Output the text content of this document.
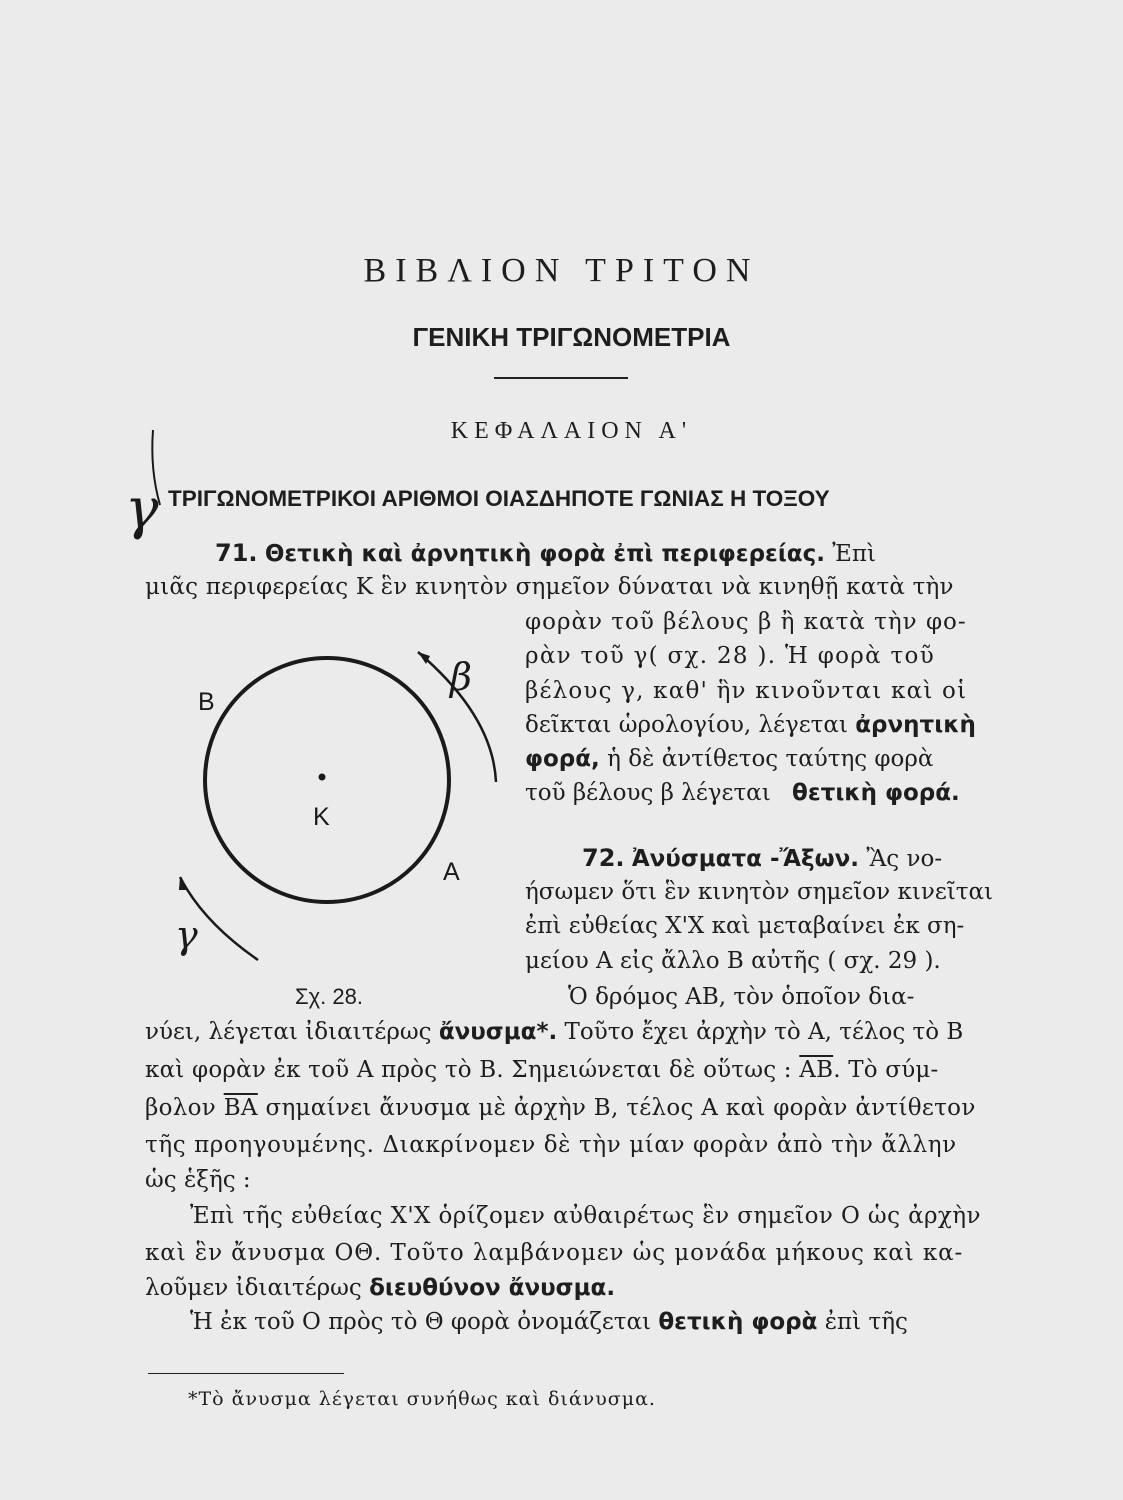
ΒΙΒΛΙΟΝ ΤΡΙΤΟΝ
ΓΕΝΙΚΗ ΤΡΙΓΩΝΟΜΕΤΡΙΑ
ΚΕΦΑΛΑΙΟΝ Α'
ΤΡΙΓΩΝΟΜΕΤΡΙΚΟΙ ΑΡΙΘΜΟΙ ΟΙΑΣΔΗΠΟΤΕ ΓΩΝΙΑΣ Η ΤΟΞΟΥ
Β
Κ
Α
β
γ
γ
Σχ. 28.
71. Θετικὴ καὶ ἀρνητικὴ φορὰ ἐπὶ περιφερείας. Ἐπὶ
μιᾶς περιφερείας Κ ἓν κινητὸν σημεῖον δύναται νὰ κινηθῇ κατὰ τὴν
φορὰν τοῦ βέλους β ἢ κατὰ τὴν φο-
ρὰν τοῦ γ( σχ. 28 ). Ἡ φορὰ τοῦ
βέλους γ, καθ' ἣν κινοῦνται καὶ οἱ
δεῖκται ὡρολογίου, λέγεται ἀρνητικὴ
φορά, ἡ δὲ ἀντίθετος ταύτης φορὰ
τοῦ βέλους β λέγεται θετικὴ φορά.
72. Ἀνύσματα -Ἄξων. Ἂς νο-
ήσωμεν ὅτι ἓν κινητὸν σημεῖον κινεῖται
ἐπὶ εὐθείας Χ'Χ καὶ μεταβαίνει ἐκ ση-
μείου Α εἰς ἄλλο Β αὐτῆς ( σχ. 29 ).
Ὁ δρόμος ΑΒ, τὸν ὁποῖον δια-
νύει, λέγεται ἰδιαιτέρως ἄνυσμα*. Τοῦτο ἔχει ἀρχὴν τὸ Α, τέλος τὸ Β
καὶ φορὰν ἐκ τοῦ Α πρὸς τὸ Β. Σημειώνεται δὲ οὕτως : $\overline{AB}$. Τὸ σύμ-
βολον $\overline{BA}$ σημαίνει ἄνυσμα μὲ ἀρχὴν Β, τέλος Α καὶ φορὰν ἀντίθετον
τῆς προηγουμένης. Διακρίνομεν δὲ τὴν μίαν φορὰν ἀπὸ τὴν ἄλλην
ὡς ἑξῆς :
Ἐπὶ τῆς εὐθείας Χ'Χ ὁρίζομεν αὐθαιρέτως ἓν σημεῖον Ο ὡς ἀρχὴν
καὶ ἓν ἄνυσμα ΟΘ. Τοῦτο λαμβάνομεν ὡς μονάδα μήκους καὶ κα-
λοῦμεν ἰδιαιτέρως διευθύνον ἄνυσμα.
Ἡ ἐκ τοῦ Ο πρὸς τὸ Θ φορὰ ὀνομάζεται θετικὴ φορὰ ἐπὶ τῆς
*Τὸ ἄνυσμα λέγεται συνήθως καὶ διάνυσμα.
